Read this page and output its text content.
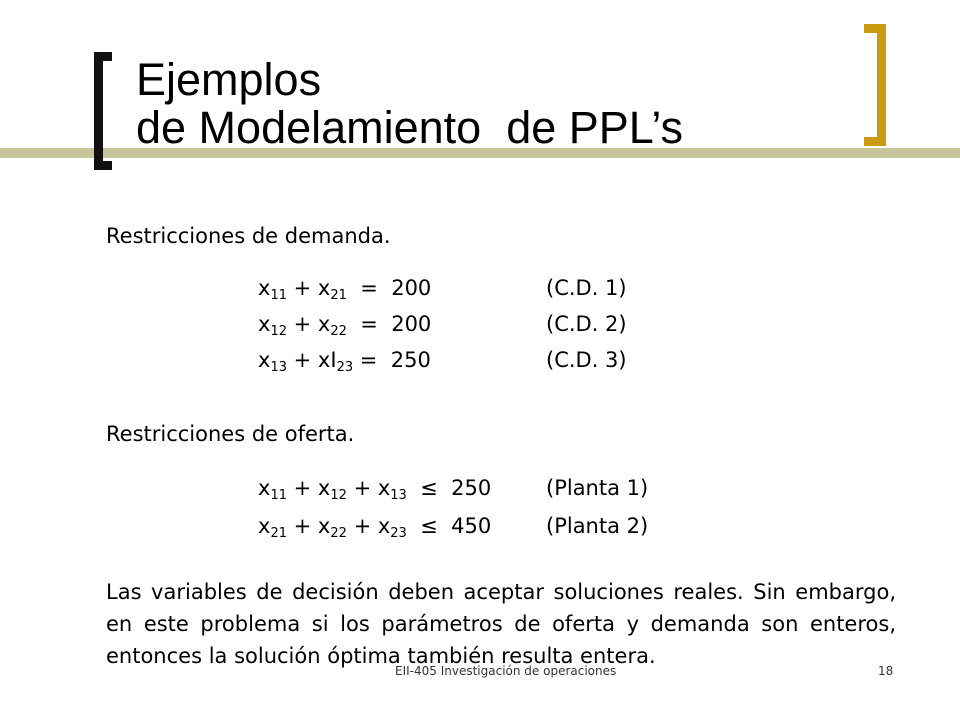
Ejemplos
de Modelamiento  de PPL’s
Restricciones de demanda.
$x_{11} + x_{21} = 200$	(C.D. 1)
$x_{12} + x_{22} = 200$	(C.D. 2)
$x_{13} + xI_{23} = 250$	(C.D. 3)
Restricciones de oferta.
$x_{11} + x_{12} + x_{13} \le 250$	(Planta 1)
$x_{21} + x_{22} + x_{23} \le 450$	(Planta 2)

Las variables de decisión deben aceptar soluciones reales. Sin embargo, en este problema si los parámetros de oferta y demanda son enteros, entonces la solución óptima también resulta entera.

EII-405 Investigación de operaciones	18
